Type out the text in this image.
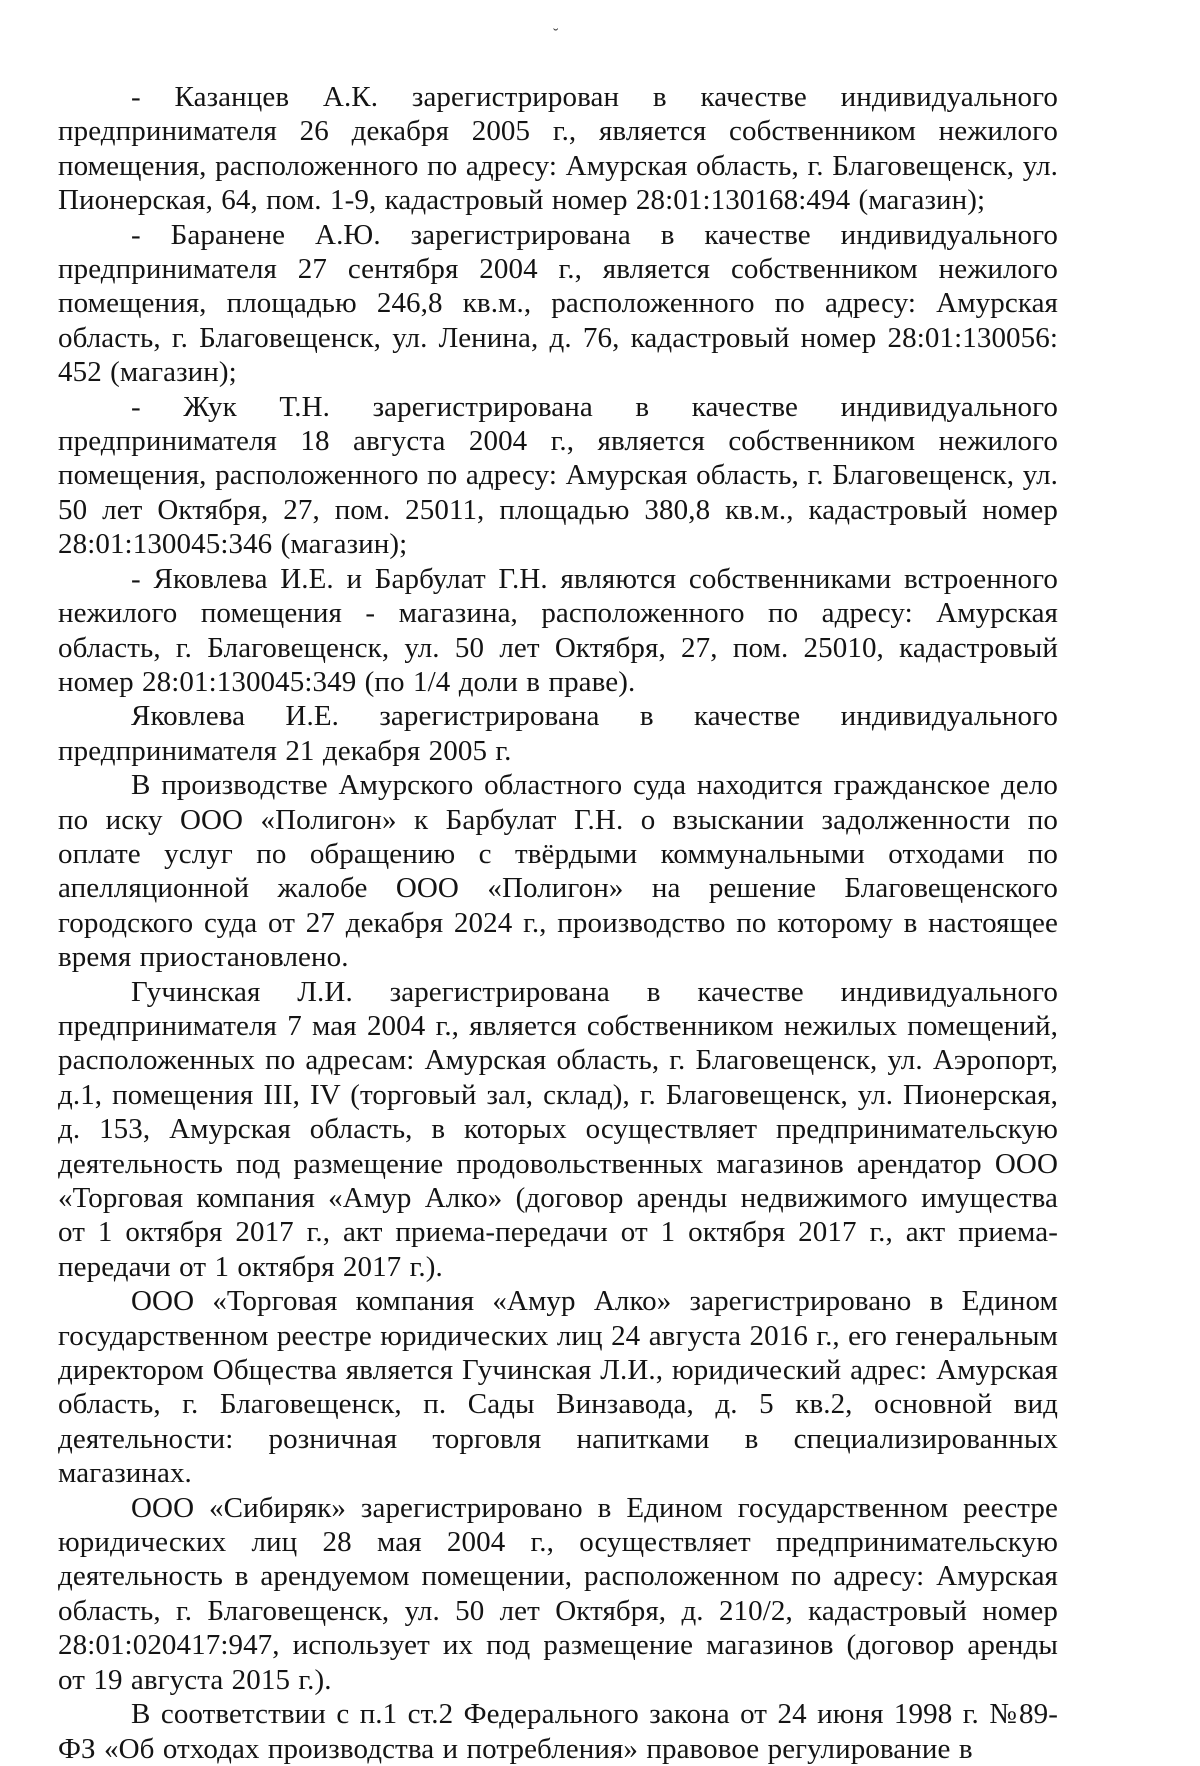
˘

- Казанцев А.К. зарегистрирован в качестве индивидуального предпринимателя 26 декабря 2005 г., является собственником нежилого помещения, расположенного по адресу: Амурская область, г. Благовещенск, ул. Пионерская, 64, пом. 1-9, кадастровый номер 28:01:130168:494 (магазин);

- Баранене А.Ю. зарегистрирована в качестве индивидуального предпринимателя 27 сентября 2004 г., является собственником нежилого помещения, площадью 246,8 кв.м., расположенного по адресу: Амурская область, г. Благовещенск, ул. Ленина, д. 76, кадастровый номер 28:01:130056: 452 (магазин);

- Жук Т.Н. зарегистрирована в качестве индивидуального предпринимателя 18 августа 2004 г., является собственником нежилого помещения, расположенного по адресу: Амурская область, г. Благовещенск, ул. 50 лет Октября, 27, пом. 25011, площадью 380,8 кв.м., кадастровый номер 28:01:130045:346 (магазин);

- Яковлева И.Е. и Барбулат Г.Н. являются собственниками встроенного нежилого помещения - магазина, расположенного по адресу: Амурская область, г. Благовещенск, ул. 50 лет Октября, 27, пом. 25010, кадастровый номер 28:01:130045:349 (по 1/4 доли в праве).

Яковлева И.Е. зарегистрирована в качестве индивидуального предпринимателя 21 декабря 2005 г.

В производстве Амурского областного суда находится гражданское дело по иску ООО «Полигон» к Барбулат Г.Н. о взыскании задолженности по оплате услуг по обращению с твёрдыми коммунальными отходами по апелляционной жалобе ООО «Полигон» на решение Благовещенского городского суда от 27 декабря 2024 г., производство по которому в настоящее время приостановлено.

Гучинская Л.И. зарегистрирована в качестве индивидуального предпринимателя 7 мая 2004 г., является собственником нежилых помещений, расположенных по адресам: Амурская область, г. Благовещенск, ул. Аэропорт, д.1, помещения III, IV (торговый зал, склад), г. Благовещенск, ул. Пионерская, д. 153, Амурская область, в которых осуществляет предпринимательскую деятельность под размещение продовольственных магазинов арендатор ООО «Торговая компания «Амур Алко» (договор аренды недвижимого имущества от 1 октября 2017 г., акт приема-передачи от 1 октября 2017 г., акт приема-передачи от 1 октября 2017 г.).

ООО «Торговая компания «Амур Алко» зарегистрировано в Едином государственном реестре юридических лиц 24 августа 2016 г., его генеральным директором Общества является Гучинская Л.И., юридический адрес: Амурская область, г. Благовещенск, п. Сады Винзавода, д. 5 кв.2, основной вид деятельности: розничная торговля напитками в специализированных магазинах.

ООО «Сибиряк» зарегистрировано в Едином государственном реестре юридических лиц 28 мая 2004 г., осуществляет предпринимательскую деятельность в арендуемом помещении, расположенном по адресу: Амурская область, г. Благовещенск, ул. 50 лет Октября, д. 210/2, кадастровый номер 28:01:020417:947, использует их под размещение магазинов (договор аренды от 19 августа 2015 г.).

В соответствии с п.1 ст.2 Федерального закона от 24 июня 1998 г. №89-ФЗ «Об отходах производства и потребления» правовое регулирование в
